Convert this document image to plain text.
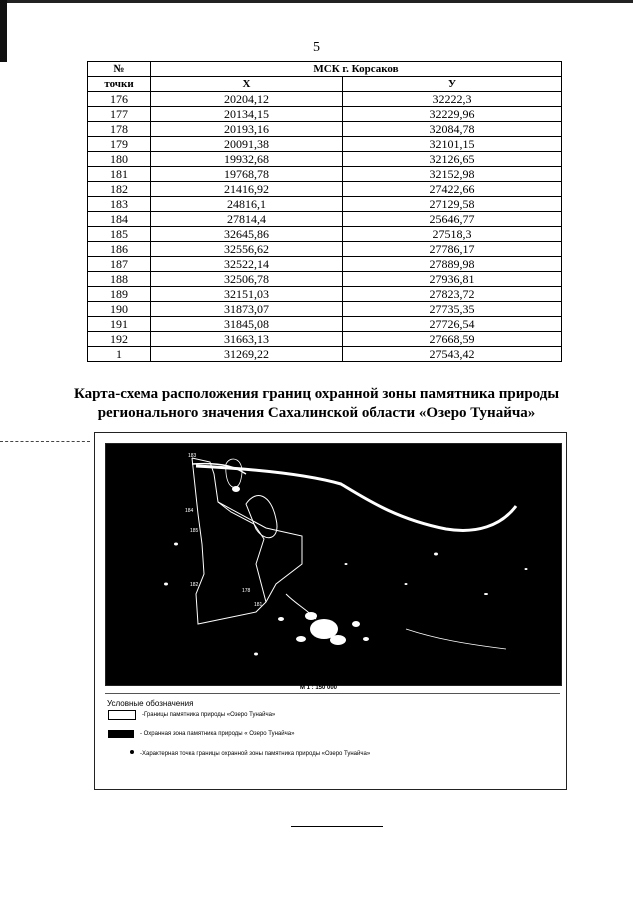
5
№	МСК г. Корсаков	
точки	Х	У
176	20204,12	32222,3
177	20134,15	32229,96
178	20193,16	32084,78
179	20091,38	32101,15
180	19932,68	32126,65
181	19768,78	32152,98
182	21416,92	27422,66
183	24816,1	27129,58
184	27814,4	25646,77
185	32645,86	27518,3
186	32556,62	27786,17
187	32522,14	27889,98
188	32506,78	27936,81
189	32151,03	27823,72
190	31873,07	27735,35
191	31845,08	27726,54
192	31663,13	27668,59
1	31269,22	27543,42
Карта-схема расположения границ охранной зоны памятника природы
регионального значения Сахалинской области «Озеро Тунайча»
183
184
185
182
178
181
М 1 : 150 000
Условные обозначения
-Границы памятника природы «Озеро Тунайча»
- Охранная зона памятника природы « Озеро Тунайча»
-Характерная точка границы охранной зоны памятника природы «Озеро Тунайча»
